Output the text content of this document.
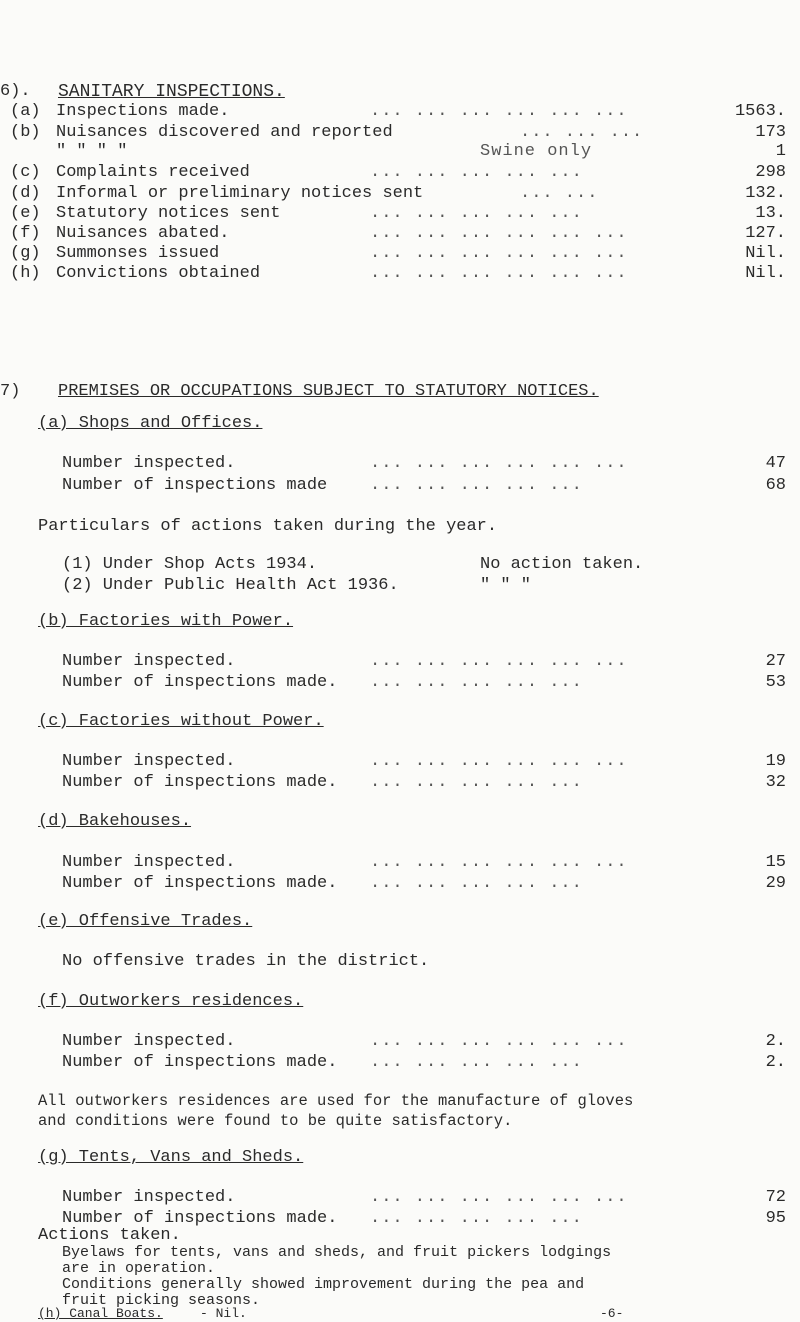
6). SANITARY INSPECTIONS.
(a) Inspections made.	... ... ... ... ... ...	1563.
(b) Nuisances discovered and reported	... ... ...	173
" " " "	Swine only	1
(c) Complaints received	... ... ... ... ...	298
(d) Informal or preliminary notices sent	... ...	132.
(e) Statutory notices sent	... ... ... ... ...	13.
(f) Nuisances abated.	... ... ... ... ... ...	127.
(g) Summonses issued	... ... ... ... ... ...	Nil.
(h) Convictions obtained	... ... ... ... ... ...	Nil.
7) PREMISES OR OCCUPATIONS SUBJECT TO STATUTORY NOTICES.
(a) Shops and Offices.
Number inspected.	... ... ... ... ... ...	47
Number of inspections made	... ... ... ... ...	68
Particulars of actions taken during the year.
(1) Under Shop Acts 1934.	No action taken.
(2) Under Public Health Act 1936.	" " "
(b) Factories with Power.
Number inspected.	... ... ... ... ... ...	27
Number of inspections made. ... ... ... ... ...	53
(c) Factories without Power.
Number inspected.	... ... ... ... ... ...	19
Number of inspections made. ... ... ... ... ...	32
(d) Bakehouses.
Number inspected.	... ... ... ... ... ...	15
Number of inspections made. ... ... ... ... ...	29
(e) Offensive Trades.
No offensive trades in the district.
(f) Outworkers residences.
Number inspected.	... ... ... ... ... ...	2.
Number of inspections made. ... ... ... ... ...	2.
All outworkers residences are used for the manufacture of gloves
and conditions were found to be quite satisfactory.
(g) Tents, Vans and Sheds.
Number inspected.	... ... ... ... ... ...	72
Number of inspections made. ... ... ... ... ...	95
Actions taken.
Byelaws for tents, vans and sheds, and fruit pickers lodgings
are in operation.
-6-
Conditions generally showed improvement during the pea and
fruit picking seasons.
(h) Canal Boats.	- Nil.
